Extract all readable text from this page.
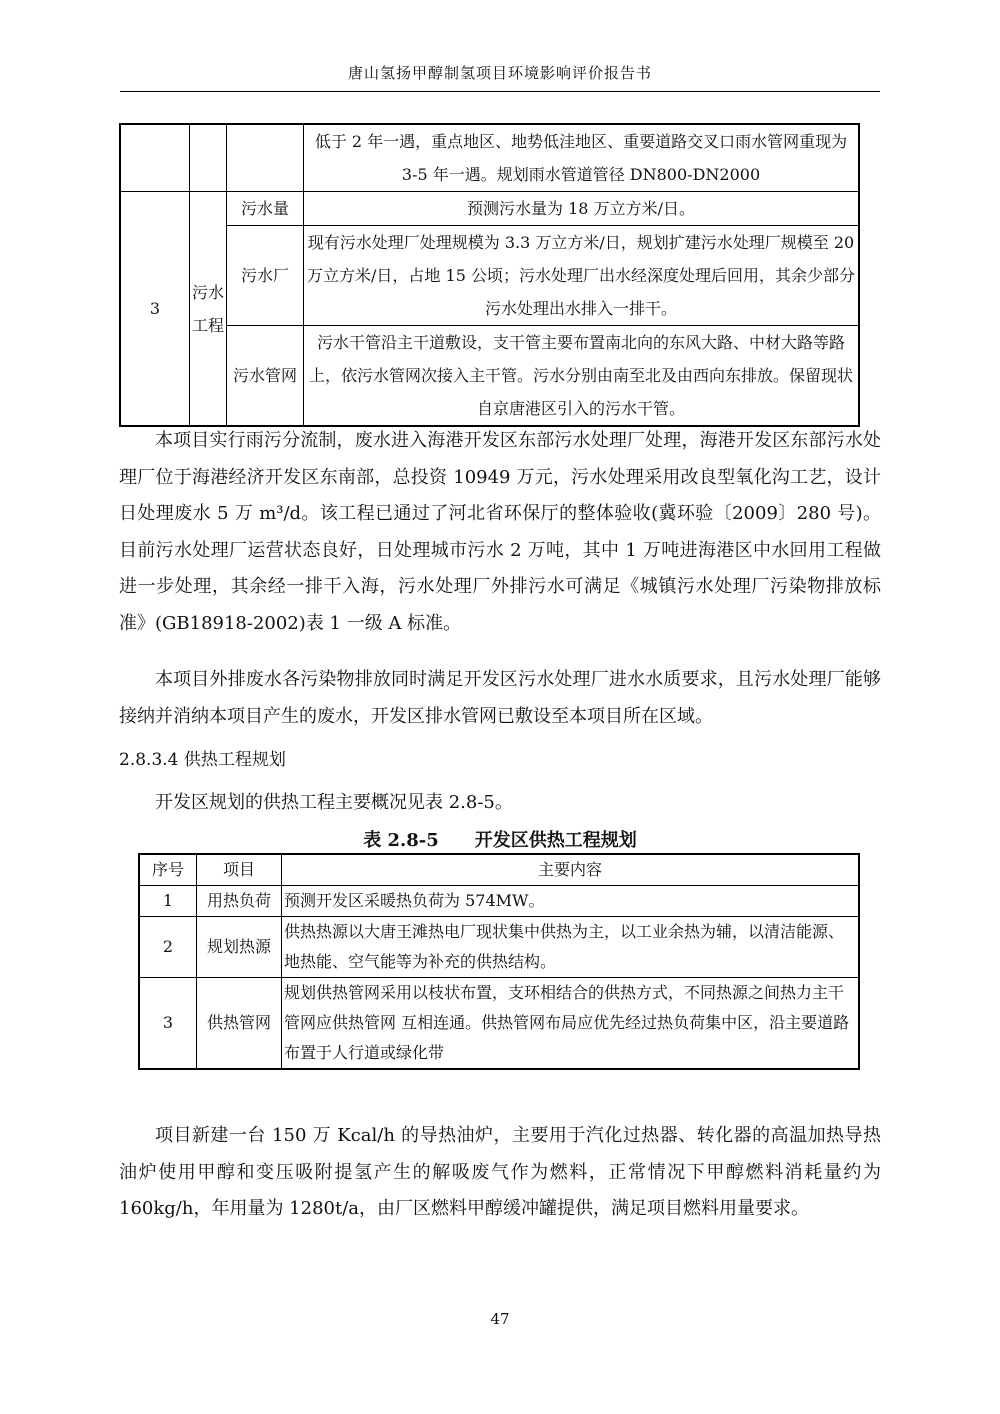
唐山氢扬甲醇制氢项目环境影响评价报告书
			低于 2 年一遇，重点地区、地势低洼地区、重要道路交叉口雨水管网重现为 3-5 年一遇。规划雨水管道管径 DN800-DN2000
3	污水工程	污水量	预测污水量为 18 万立方米/日。
		污水厂	现有污水处理厂处理规模为 3.3 万立方米/日，规划扩建污水处理厂规模至 20 万立方米/日，占地 15 公顷；污水处理厂出水经深度处理后回用，其余少部分污水处理出水排入一排干。
		污水管网	污水干管沿主干道敷设，支干管主要布置南北向的东风大路、中材大路等路上，依污水管网次接入主干管。污水分别由南至北及由西向东排放。保留现状自京唐港区引入的污水干管。

本项目实行雨污分流制，废水进入海港开发区东部污水处理厂处理，海港开发区东部污水处理厂位于海港经济开发区东南部，总投资 10949 万元，污水处理采用改良型氧化沟工艺，设计日处理废水 5 万 m³/d。该工程已通过了河北省环保厅的整体验收(冀环验〔2009〕280 号)。目前污水处理厂运营状态良好，日处理城市污水 2 万吨，其中 1 万吨进海港区中水回用工程做进一步处理，其余经一排干入海，污水处理厂外排污水可满足《城镇污水处理厂污染物排放标准》(GB18918-2002)表 1 一级 A 标准。

本项目外排废水各污染物排放同时满足开发区污水处理厂进水水质要求，且污水处理厂能够接纳并消纳本项目产生的废水，开发区排水管网已敷设至本项目所在区域。

2.8.3.4 供热工程规划

开发区规划的供热工程主要概况见表 2.8-5。

表 2.8-5 开发区供热工程规划
序号	项目	主要内容
1	用热负荷	预测开发区采暖热负荷为 574MW。
2	规划热源	供热热源以大唐王滩热电厂现状集中供热为主，以工业余热为辅，以清洁能源、地热能、空气能等为补充的供热结构。
3	供热管网	规划供热管网采用以枝状布置，支环相结合的供热方式，不同热源之间热力主干管网应供热管网 互相连通。供热管网布局应优先经过热负荷集中区，沿主要道路布置于人行道或绿化带

项目新建一台 150 万 Kcal/h 的导热油炉，主要用于汽化过热器、转化器的高温加热导热油炉使用甲醇和变压吸附提氢产生的解吸废气作为燃料，正常情况下甲醇燃料消耗量约为 160kg/h，年用量为 1280t/a，由厂区燃料甲醇缓冲罐提供，满足项目燃料用量要求。

47
